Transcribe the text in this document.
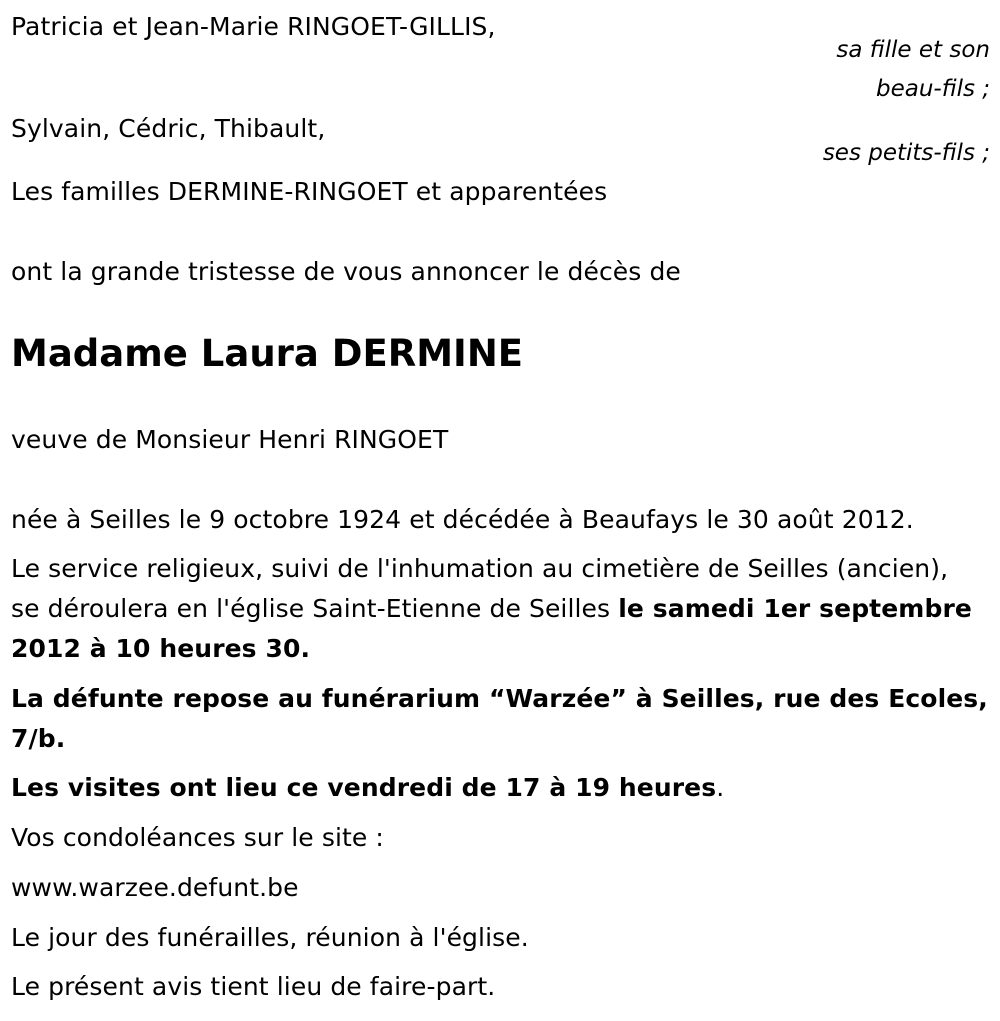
Patricia et Jean-Marie RINGOET-GILLIS,
sa fille et son
beau-fils ;
Sylvain, Cédric, Thibault,
ses petits-fils ;
Les familles DERMINE-RINGOET et apparentées
ont la grande tristesse de vous annoncer le décès de
Madame Laura DERMINE
veuve de Monsieur Henri RINGOET
née à Seilles le 9 octobre 1924 et décédée à Beaufays le 30 août 2012.
Le service religieux, suivi de l'inhumation au cimetière de Seilles (ancien),
se déroulera en l'église Saint-Etienne de Seilles le samedi 1er septembre
2012 à 10 heures 30.
La défunte repose au funérarium “Warzée” à Seilles, rue des Ecoles,
7/b.
Les visites ont lieu ce vendredi de 17 à 19 heures.
Vos condoléances sur le site :
www.warzee.defunt.be
Le jour des funérailles, réunion à l'église.
Le présent avis tient lieu de faire-part.
